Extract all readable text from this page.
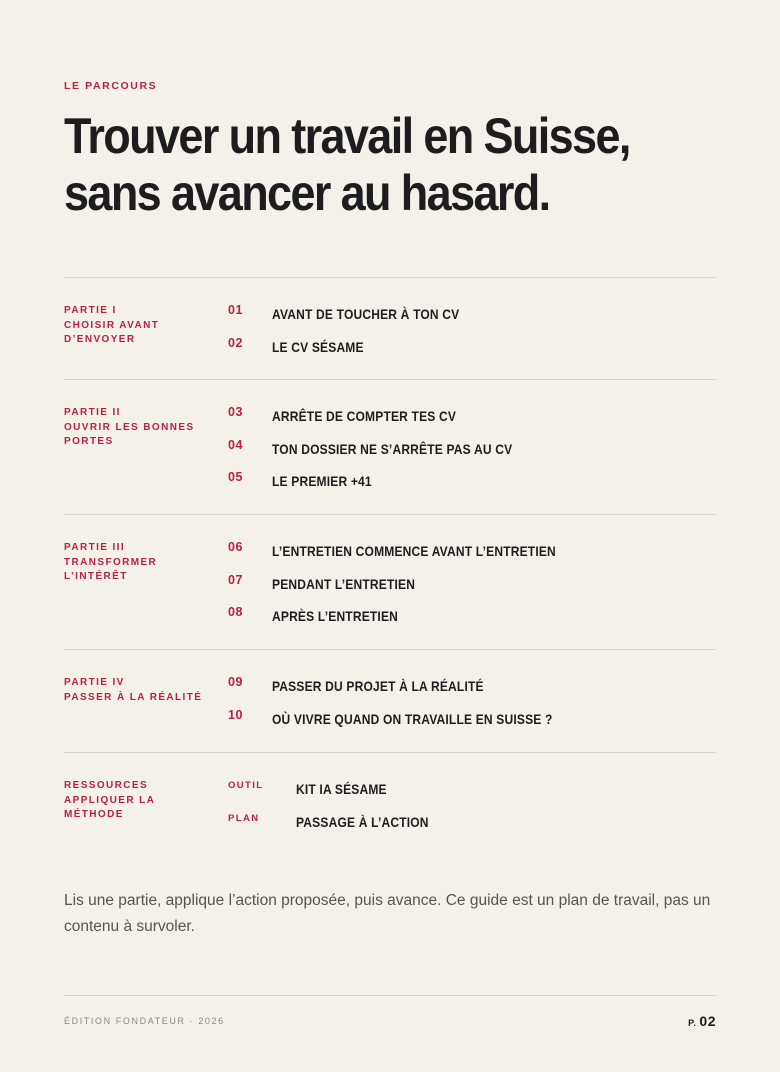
LE PARCOURS
Trouver un travail en Suisse,
sans avancer au hasard.
PARTIE I
CHOISIR AVANT
D’ENVOYER
01 AVANT DE TOUCHER À TON CV
02 LE CV SÉSAME
PARTIE II
OUVRIR LES BONNES
PORTES
03 ARRÊTE DE COMPTER TES CV
04 TON DOSSIER NE S’ARRÊTE PAS AU CV
05 LE PREMIER +41
PARTIE III
TRANSFORMER
L’INTÉRÊT
06 L’ENTRETIEN COMMENCE AVANT L’ENTRETIEN
07 PENDANT L’ENTRETIEN
08 APRÈS L’ENTRETIEN
PARTIE IV
PASSER À LA RÉALITÉ
09 PASSER DU PROJET À LA RÉALITÉ
10 OÙ VIVRE QUAND ON TRAVAILLE EN SUISSE ?
RESSOURCES
APPLIQUER LA MÉTHODE
OUTIL KIT IA SÉSAME
PLAN	PASSAGE À L’ACTION

Lis une partie, applique l’action proposée, puis avance. Ce guide est un plan de travail, pas un contenu à survoler.

ÉDITION FONDATEUR · 2026	P. 02
